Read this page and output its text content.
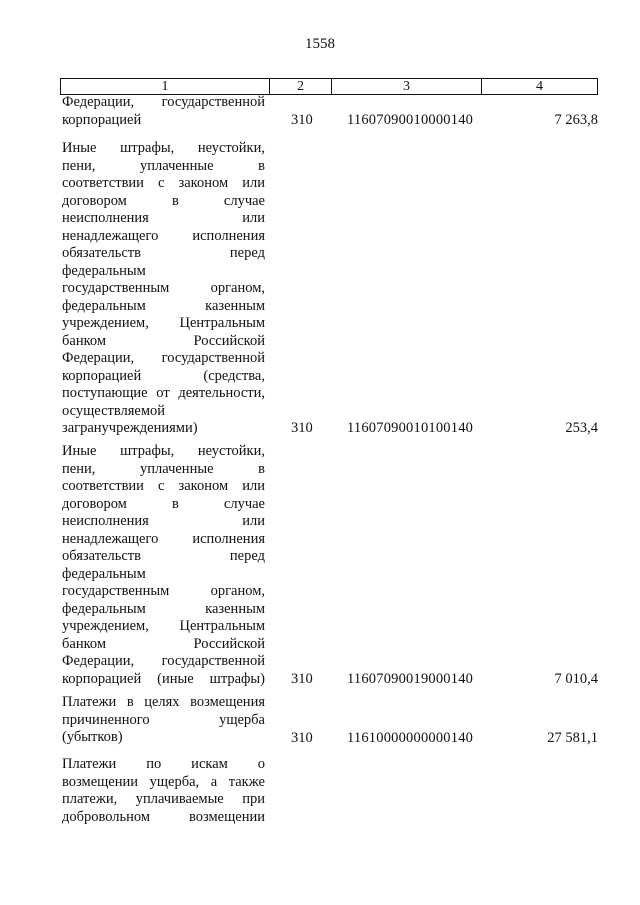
1558
1	2	3	4
Федерации, государственной
корпорацией	310 11607090010000140	7 263,8
Иные штрафы, неустойки,
пени, уплаченные в
соответствии с законом или
договором в случае
неисполнения или
ненадлежащего исполнения
обязательств перед
федеральным
государственным органом,
федеральным казенным
учреждением, Центральным
банком Российской
Федерации, государственной
корпорацией (средства,
поступающие от деятельности,
осуществляемой
загранучреждениями)	310 11607090010100140	253,4
Иные штрафы, неустойки,
пени, уплаченные в
соответствии с законом или
договором в случае
неисполнения или
ненадлежащего исполнения
обязательств перед
федеральным
государственным органом,
федеральным казенным
учреждением, Центральным
банком Российской
Федерации, государственной
корпорацией (иные штрафы) 310 11607090019000140	7 010,4
Платежи в целях возмещения
причиненного ущерба
(убытков)	310 11610000000000140	27 581,1
Платежи по искам о
возмещении ущерба, а также
платежи, уплачиваемые при
добровольном возмещении
